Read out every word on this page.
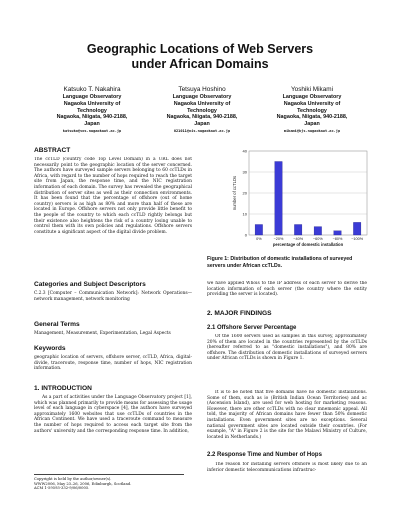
Geographic Locations of Web Servers
under African Domains
Katsuko T. Nakahira
Language Observatory
Nagaoka University of
Technology
Nagaoka, Niigata, 940-2188,
Japan
katsuko@vos.nagaokaut.ac.jp
Tetsuya Hoshino
Language Observatory
Nagaoka University of
Technology
Nagaoka, Niigata, 940-2188,
Japan
021011@nis.nagaokaut.ac.jp
Yoshiki Mikami
Language Observatory
Nagaoka University of
Technology
Nagaoka, Niigata, 940-2188,
Japan
mikami@kjs.nagaokaut.ac.jp
ABSTRACT

The ccTLD (country code Top Level Domain) in a URL does not necessarily point to the geographic location of the server concerned. The authors have surveyed sample servers belonging to 60 ccTLDs in Africa, with regard to the number of hops required to reach the target site from Japan, the response time, and the NIC registration information of each domain. The survey has revealed the geographical distribution of server sites as well as their connection environments. It has been found that the percentage of offshore (out of home country) servers is as high as 80% and more than half of these are located in Europe. Offshore servers not only provide little benefit to the people of the country to which each ccTLD rightly belongs but their existence also heightens the risk of a country losing unable to control them with its own policies and regulations. Offshore servers constitute a significant aspect of the digital divide problem.

Categories and Subject Descriptors

C.2.3 [Computer – Communication Network]: Network Operations—network management, network monitoring

General Terms

Management, Measurement, Experimentation, Legal Aspects

Keywords

geographic location of servers, offshore server, ccTLD, Africa, digital-divide, traceroute, response time, number of hops, NIC registration information.

1. INTRODUCTION

As a part of activities under the Language Observatory project [1], which was planned primarily to provide means for assessing the usage level of each language in cyberspace [4], the authors have surveyed approximately 1600 websites that use ccTLDs of countries in the African Continent. We have used a traceroute command to measure the number of hops required to access each target site from the authors' university and the corresponding response time. In addition,

Copyright is held by the author/owner(s).
WWW2006, May 23–26, 2006, Edinburgh, Scotland.
ACM 1-59593-332-9/06/0005.
0
10
20
30
40
0%	~20%	~40%	~60%	~80% ~100%
percentage of domestic installation
number of ccTLDs
Figure 1: Distribution of domestic installations of surveyed servers under African ccTLDs.

we have applied Whois to the IP address of each server to derive the location information of each server (the country where the entity providing the server is located).

2. MAJOR FINDINGS
2.1 Offshore Server Percentage

Of the 1600 servers used as samples in this survey, approximately 20% of them are located in the countries represented by the ccTLDs (hereafter referred to as "domestic installations"), and 80% are offshore. The distribution of domestic installations of surveyed servers under African ccTLDs is shown in Figure 1.

It is to be noted that five domains have no domestic installations. Some of them, such as io (British Indian Ocean Territories) and ac (Ascension Island), are used for web hosting for marketing reasons. However, there are other ccTLDs with no clear mnemonic appeal. All told, the majority of African domains have fewer than 50% domestic installations. Even government sites are no exceptions. Several national government sites are located outside their countries. (For example, "A" in Figure 2 is the site for the Malawi Ministry of Culture, located in Netherlands.)

2.2 Response Time and Number of Hops

The reason for installing servers offshore is most likely due to an inferior domestic telecommunications infrastruc-
